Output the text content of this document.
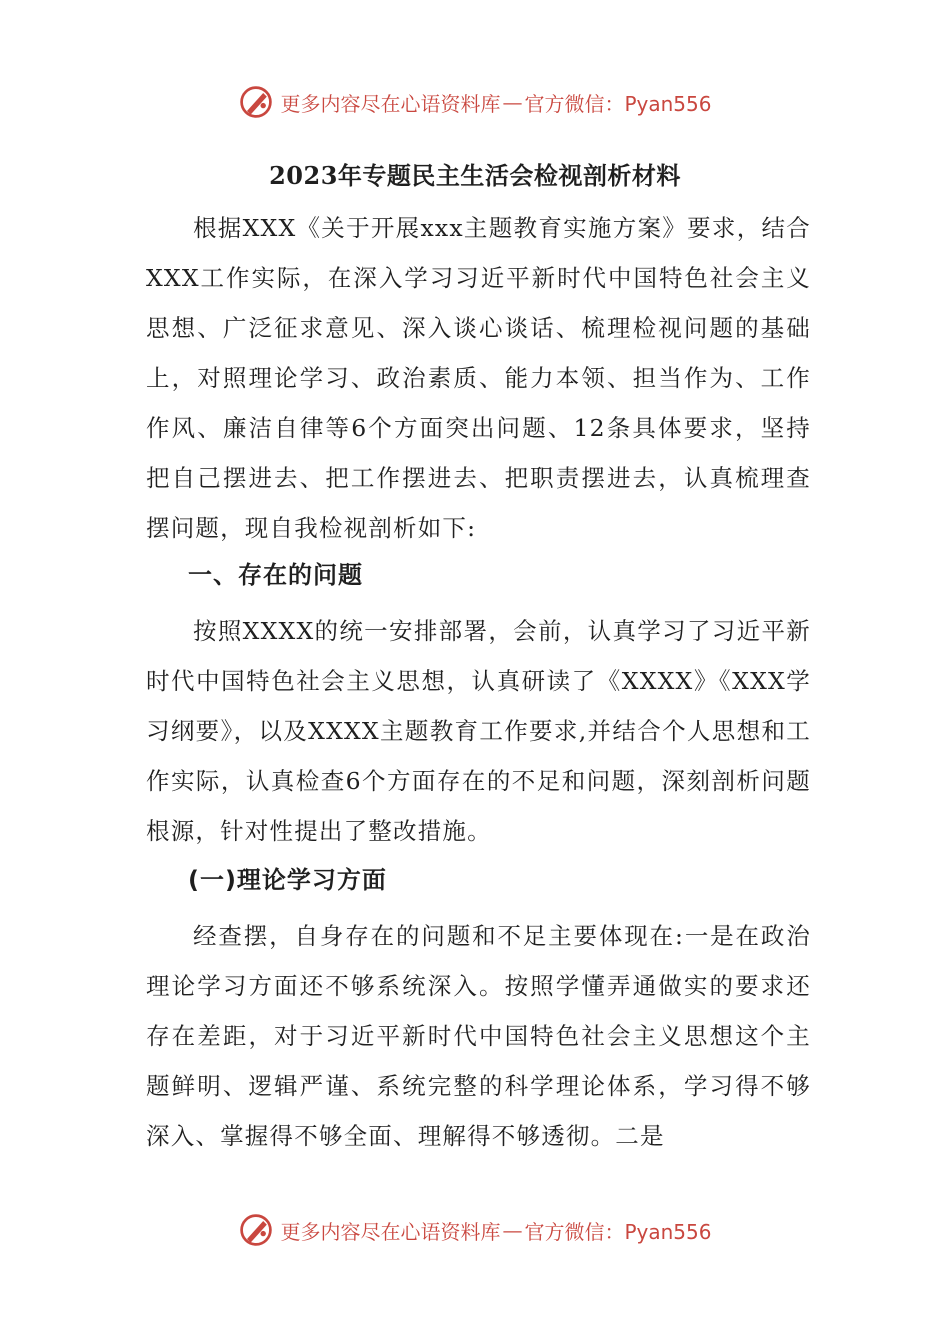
更多内容尽在心语资料库 — 官方微信：Pyan556
2023年专题民主生活会检视剖析材料
根据XXX《关于开展xxx主题教育实施方案》要求，结合XXX工作实际，在深入学习习近平新时代中国特色社会主义思想、广泛征求意见、深入谈心谈话、梳理检视问题的基础上，对照理论学习、政治素质、能力本领、担当作为、工作作风、廉洁自律等6个方面突出问题、12条具体要求，坚持把自己摆进去、把工作摆进去、把职责摆进去，认真梳理查摆问题，现自我检视剖析如下:
一、存在的问题
按照XXXX的统一安排部署，会前，认真学习了习近平新时代中国特色社会主义思想，认真研读了《XXXX》《XXX学习纲要》，以及XXXX主题教育工作要求,并结合个人思想和工作实际，认真检查6个方面存在的不足和问题，深刻剖析问题根源，针对性提出了整改措施。
(一)理论学习方面
经查摆，自身存在的问题和不足主要体现在:一是在政治理论学习方面还不够系统深入。按照学懂弄通做实的要求还存在差距，对于习近平新时代中国特色社会主义思想这个主题鲜明、逻辑严谨、系统完整的科学理论体系，学习得不够深入、掌握得不够全面、理解得不够透彻。二是
更多内容尽在心语资料库 — 官方微信：Pyan556
